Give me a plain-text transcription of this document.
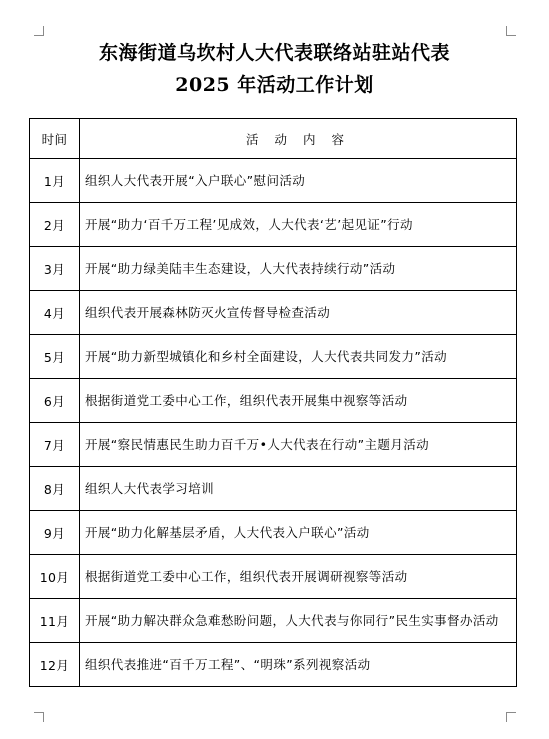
东海街道乌坎村人大代表联络站驻站代表
2025 年活动工作计划
时间	活 动 内 容
1月	组织人大代表开展“入户联心”慰问活动
2月	开展“助力‘百千万工程’见成效，人大代表‘艺’起见证”行动
3月	开展“助力绿美陆丰生态建设，人大代表持续行动”活动
4月	组织代表开展森林防灭火宣传督导检查活动
5月	开展“助力新型城镇化和乡村全面建设，人大代表共同发力”活动
6月	根据街道党工委中心工作，组织代表开展集中视察等活动
7月	开展“察民情惠民生助力百千万•人大代表在行动”主题月活动
8月	组织人大代表学习培训
9月	开展“助力化解基层矛盾，人大代表入户联心”活动
10月	根据街道党工委中心工作，组织代表开展调研视察等活动
11月	开展“助力解决群众急难愁盼问题，人大代表与你同行”民生实事督办活动
12月	组织代表推进“百千万工程”、“明珠”系列视察活动
